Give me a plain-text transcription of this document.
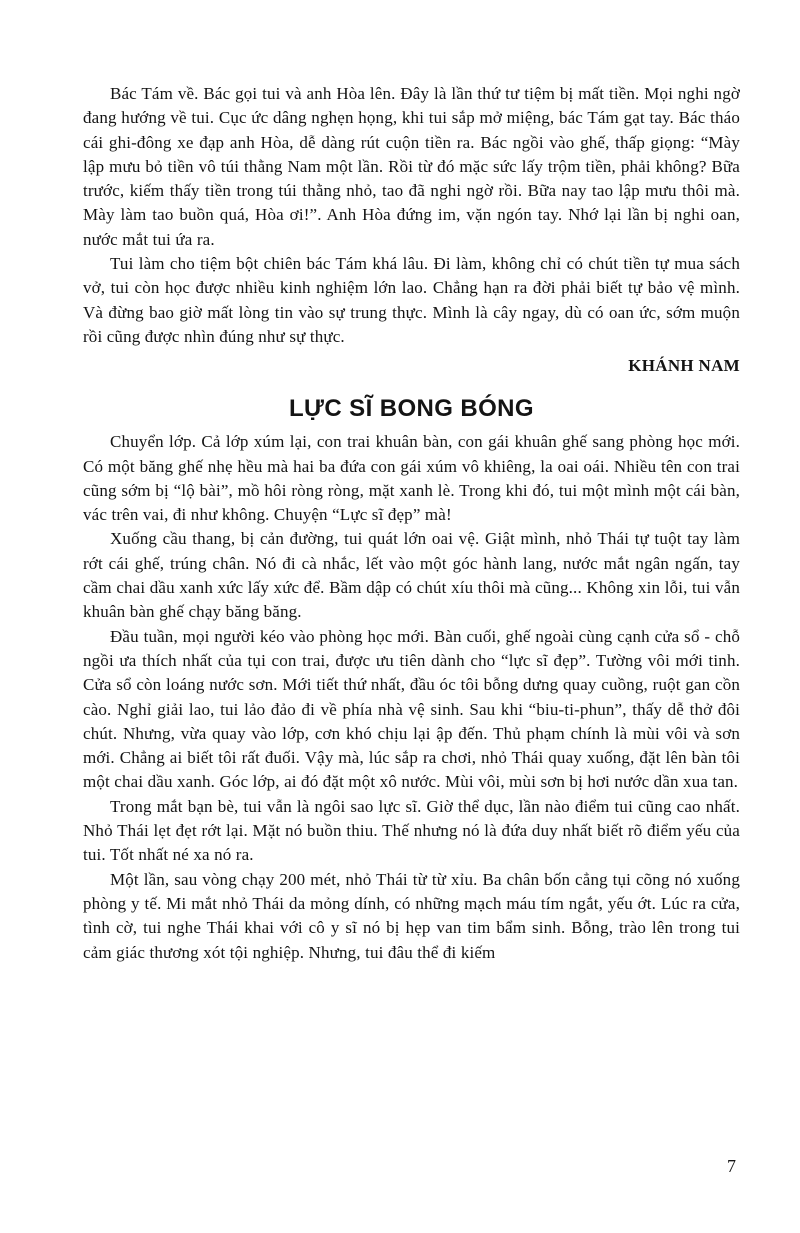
Bác Tám về. Bác gọi tui và anh Hòa lên. Đây là lần thứ tư tiệm bị mất tiền. Mọi nghi ngờ đang hướng về tui. Cục ức dâng nghẹn họng, khi tui sắp mở miệng, bác Tám gạt tay. Bác tháo cái ghi-đông xe đạp anh Hòa, dễ dàng rút cuộn tiền ra. Bác ngồi vào ghế, thấp giọng: “Mày lập mưu bỏ tiền vô túi thằng Nam một lần. Rồi từ đó mặc sức lấy trộm tiền, phải không? Bữa trước, kiếm thấy tiền trong túi thằng nhỏ, tao đã nghi ngờ rồi. Bữa nay tao lập mưu thôi mà. Mày làm tao buồn quá, Hòa ơi!”. Anh Hòa đứng im, vặn ngón tay. Nhớ lại lần bị nghi oan, nước mắt tui ứa ra.

Tui làm cho tiệm bột chiên bác Tám khá lâu. Đi làm, không chỉ có chút tiền tự mua sách vở, tui còn học được nhiều kinh nghiệm lớn lao. Chẳng hạn ra đời phải biết tự bảo vệ mình. Và đừng bao giờ mất lòng tin vào sự trung thực. Mình là cây ngay, dù có oan ức, sớm muộn rồi cũng được nhìn đúng như sự thực.

KHÁNH NAM

LỰC SĨ BONG BÓNG

Chuyển lớp. Cả lớp xúm lại, con trai khuân bàn, con gái khuân ghế sang phòng học mới. Có một băng ghế nhẹ hều mà hai ba đứa con gái xúm vô khiêng, la oai oái. Nhiều tên con trai cũng sớm bị “lộ bài”, mồ hôi ròng ròng, mặt xanh lè. Trong khi đó, tui một mình một cái bàn, vác trên vai, đi như không. Chuyện “Lực sĩ đẹp” mà!

Xuống cầu thang, bị cản đường, tui quát lớn oai vệ. Giật mình, nhỏ Thái tự tuột tay làm rớt cái ghế, trúng chân. Nó đi cà nhắc, lết vào một góc hành lang, nước mắt ngân ngấn, tay cầm chai dầu xanh xức lấy xức để. Bầm dập có chút xíu thôi mà cũng... Không xin lỗi, tui vẫn khuân bàn ghế chạy băng băng.

Đầu tuần, mọi người kéo vào phòng học mới. Bàn cuối, ghế ngoài cùng cạnh cửa sổ - chỗ ngồi ưa thích nhất của tụi con trai, được ưu tiên dành cho “lực sĩ đẹp”. Tường vôi mới tinh. Cửa sổ còn loáng nước sơn. Mới tiết thứ nhất, đầu óc tôi bỗng dưng quay cuồng, ruột gan cồn cào. Nghỉ giải lao, tui lảo đảo đi về phía nhà vệ sinh. Sau khi “biu-ti-phun”, thấy dễ thở đôi chút. Nhưng, vừa quay vào lớp, cơn khó chịu lại ập đến. Thủ phạm chính là mùi vôi và sơn mới. Chẳng ai biết tôi rất đuối. Vậy mà, lúc sắp ra chơi, nhỏ Thái quay xuống, đặt lên bàn tôi một chai dầu xanh. Góc lớp, ai đó đặt một xô nước. Mùi vôi, mùi sơn bị hơi nước dần xua tan.

Trong mắt bạn bè, tui vẫn là ngôi sao lực sĩ. Giờ thể dục, lần nào điểm tui cũng cao nhất. Nhỏ Thái lẹt đẹt rớt lại. Mặt nó buồn thiu. Thế nhưng nó là đứa duy nhất biết rõ điểm yếu của tui. Tốt nhất né xa nó ra.

Một lần, sau vòng chạy 200 mét, nhỏ Thái từ từ xỉu. Ba chân bốn cẳng tụi cõng nó xuống phòng y tế. Mi mắt nhỏ Thái da mỏng dính, có những mạch máu tím ngắt, yếu ớt. Lúc ra cửa, tình cờ, tui nghe Thái khai với cô y sĩ nó bị hẹp van tim bẩm sinh. Bỗng, trào lên trong tui cảm giác thương xót tội nghiệp. Nhưng, tui đâu thể đi kiếm

7
